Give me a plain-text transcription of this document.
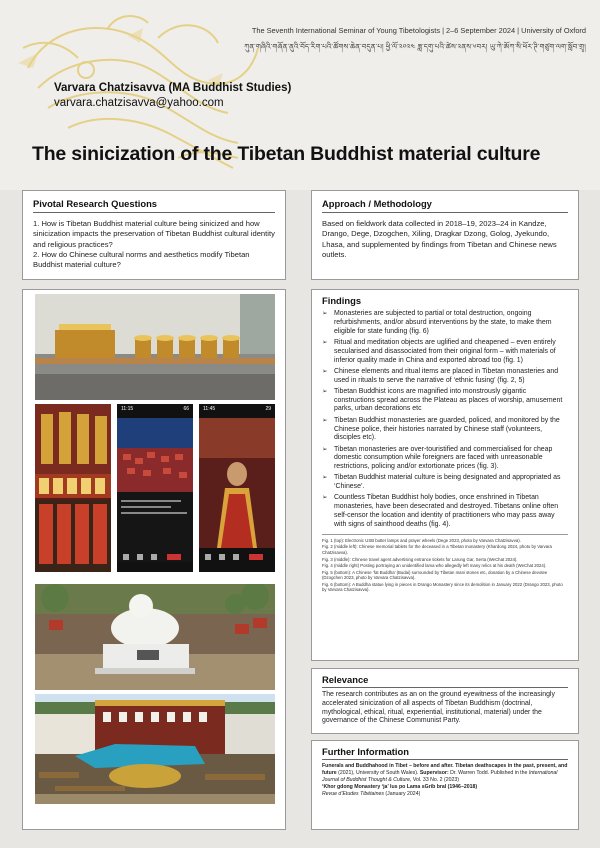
The Seventh International Seminar of Young Tibetologists | 2–6 September 2024 | University of Oxford
ཀུན་གཞིའི་གཞོན་ནུའི་བོད་རིག་པའི་ཚོགས་ཆེན་བདུན་པ། ཕྱི་ལོ་༢༠༢༤ ཟླ་དགུ་པའི་ཚེས་༢ནས་༦བར། ཡུ་ཀེ་ཨོཀ་སི་ཕོར་ཊི་གཙུག་ལག་སློབ་གྲྭ།
Varvara Chatzisavva (MA Buddhist Studies)
varvara.chatzisavva@yahoo.com
The sinicization of the Tibetan Buddhist material culture
Pivotal Research Questions

1. How is Tibetan Buddhist material culture being sinicized and how sinicization impacts the preservation of Tibetan Buddhist cultural identity and religious practices?

2. How do Chinese cultural norms and aesthetics modify Tibetan Buddhist material culture?

Approach / Methodology

Based on fieldwork data collected in 2018–19, 2023–24 in Kandze, Drango, Dege, Dzogchen, Xiling, Dragkar Dzong, Golog, Jyekundo, Lhasa, and supplemented by findings from Tibetan and Chinese news outlets.

11:15	66	11:45	29
Findings
➢ Monasteries are subjected to partial or total destruction, ongoing refurbishments, and/or absurd interventions by the state, to make them eligible for state funding (fig. 6)
➢ Ritual and meditation objects are uglified and cheapened – even entirely secularised and disassociated from their original form – with materials of inferior quality made in China and exported abroad too (fig. 1)
➢ Chinese elements and ritual items are placed in Tibetan monasteries and used in rituals to serve the narrative of ‘ethnic fusing’ (fig. 2, 5)
➢ Tibetan Buddhist icons are magnified into monstrously gigantic constructions spread across the Plateau as places of worship, amusement parks, urban decorations etc
➢ Tibetan Buddhist monasteries are guarded, policed, and monitored by the Chinese police, their histories narrated by Chinese staff (volunteers, disciples etc).
➢ Tibetan monasteries are over-touristified and commercialised for cheap domestic consumption while foreigners are faced with unreasonable restrictions, policing and/or extortionate prices (fig. 3).
➢ Tibetan Buddhist material culture is being designated and appropriated as ‘Chinese’.
➢ Countless Tibetan Buddhist holy bodies, once enshrined in Tibetan monasteries, have been desecrated and destroyed. Tibetans online often self-censor the location and identity of practitioners who may pass away with signs of sainthood deaths (fig. 4).

Fig. 1 (top): Electronic USB butter lamps and prayer wheels (Dege 2023, photo by Varvara Chatzisavva).

Fig. 2 (middle left): Chinese memorial tablets for the deceased in a Tibetan monastery (Khardong 2024, photo by Varvara Chatzisavva).

Fig. 3 (middle): Chinese travel agent advertising entrance tickets for Larung Gar, Serta (WeChat 2024).

Fig. 4 (middle right) Posting portraying an unidentified lama who allegedly left many relics at his death (WeChat 2024).

Fig. 5 (bottom): A Chinese ‘fat Buddha’ (Budai) surrounded by Tibetan mani stones etc, donation by a Chinese devotee (Dzogchen 2023, photo by Varvara Chatzisavva).

Fig. 6 (bottom): A Buddha statue lying in pieces in Drango Monastery since its demolition in January 2022 (Drango 2023, photo by Varvara Chatzisavva).

Relevance

The research contributes as an on the ground eyewitness of the increasingly accelerated sinicization of all aspects of Tibetan Buddhism (doctrinal, mythological, ethical, ritual, experiential, institutional, material) under the governance of the Chinese Communist Party.

Further Information

Funerals and Buddhahood in Tibet – before and after. Tibetan deathscapes in the past, present, and future (2021), University of South Wales). Supervisor: Dr. Warren Todd. Published in the International Journal of Buddhist Thought & Culture, Vol. 33 No. 2 (2023)

‘Khor gdong Monastery ‘ja’ lus po Lama sGrib bral (1946–2018)
Revue d’Etudes Tibétaines (January 2024)
